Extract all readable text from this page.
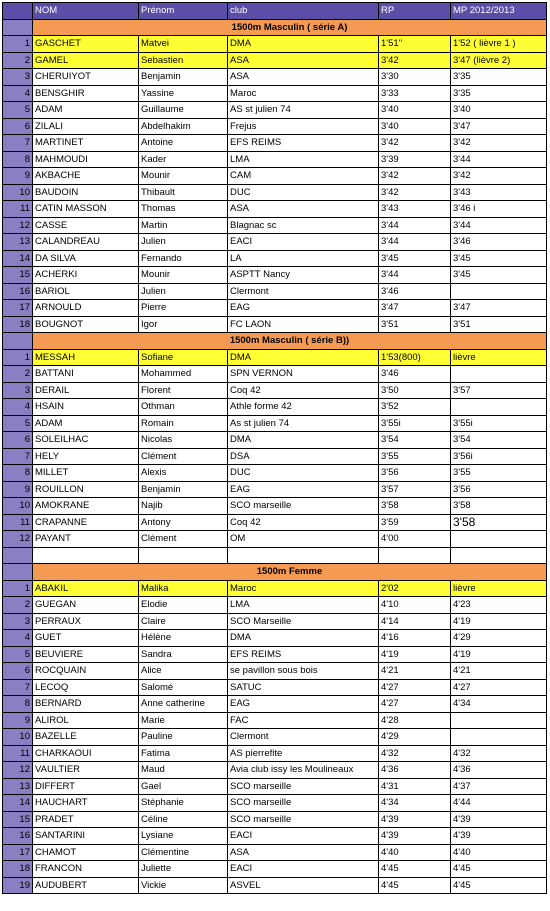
NOM	Prénom	club	RP	MP 2012/2013
1500m Masculin ( série A)
1 GASCHET	Matvei	DMA	1'51''	1'52 ( lièvre 1 )
2 GAMEL	Sebastien	ASA	3'42	3'47 (lièvre 2)
3 CHERUIYOT	Benjamin	ASA	3'30	3'35
4 BENSGHIR	Yassine	Maroc	3'33	3'35
5 ADAM	Guillaume	AS st julien 74	3'40	3'40
6 ZILALI	Abdelhakim	Frejus	3'40	3'47
7 MARTINET	Antoine	EFS REIMS	3'42	3'42
8 MAHMOUDI	Kader	LMA	3'39	3'44
9 AKBACHE	Mounir	CAM	3'42	3'42
10 BAUDOIN	Thibault	DUC	3'42	3'43
11 CATIN MASSON	Thomas	ASA	3'43	3'46 i
12 CASSE	Martin	Blagnac sc	3'44	3'44
13 CALANDREAU	Julien	EACI	3'44	3'46
14 DA SILVA	Fernando	LA	3'45	3'45
15 ACHERKI	Mounir	ASPTT Nancy	3'44	3'45
16 BARIOL	Julien	Clermont	3'46
17 ARNOULD	Pierre	EAG	3'47	3'47
18 BOUGNOT	Igor	FC LAON	3'51	3'51
1500m Masculin ( série B))
1 MESSAH	Sofiane	DMA	1'53(800)	lièvre
2 BATTANI	Mohammed	SPN VERNON	3'46
3 DERAIL	Florent	Coq 42	3'50	3'57
4 HSAIN	Othman	Athle forme 42	3'52
5 ADAM	Romain	As st julien 74	3'55i	3'55i
6 SOLEILHAC	Nicolas	DMA	3'54	3'54
7 HELY	Clément	DSA	3'55	3'56i
8 MILLET	Alexis	DUC	3'56	3'55
9 ROUILLON	Benjamin	EAG	3'57	3'56
10 AMOKRANE	Najib	SCO marseille	3'58	3'58
11 CRAPANNE	Antony	Coq 42	3'59	3'58
12 PAYANT	Clément	OM	4'00
1500m Femme
1 ABAKIL	Malika	Maroc	2'02	lièvre
2 GUEGAN	Elodie	LMA	4'10	4'23
3 PERRAUX	Claire	SCO Marseille	4'14	4'19
4 GUET	Hélène	DMA	4'16	4'29
5 BEUVIERE	Sandra	EFS REIMS	4'19	4'19
6 ROCQUAIN	Alice	se pavillon sous bois	4'21	4'21
7 LECOQ	Salomé	SATUC	4'27	4'27
8 BERNARD	Anne catherine	EAG	4'27	4'34
9 ALIROL	Marie	FAC	4'28
10 BAZELLE	Pauline	Clermont	4'29
11 CHARKAOUI	Fatima	AS pierrefite	4'32	4'32
12 VAULTIER	Maud	Avia club issy les Moulineaux	4'36	4'36
13 DIFFERT	Gael	SCO marseille	4'31	4'37
14 HAUCHART	Stéphanie	SCO marseille	4'34	4'44
15 PRADET	Céline	SCO marseille	4'39	4'39
16 SANTARINI	Lysiane	EACI	4'39	4'39
17 CHAMOT	Clémentine	ASA	4'40	4'40
18 FRANCON	Juliette	EACI	4'45	4'45
19 AUDUBERT	Vickie	ASVEL	4'45	4'45
